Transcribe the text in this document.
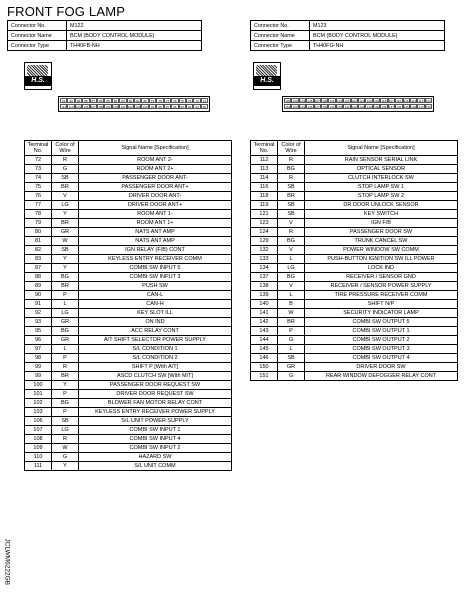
FRONT FOG LAMP
Connector No.	M122
Connector Name	BCM (BODY CONTROL MODULE)
Connector Type	TH40FB-NH
Connector No.	M123
Connector Name	BCM (BODY CONTROL MODULE)
Connector Type	TH40FG-NH
H.S.	H.S.
91	90	89	88	87	86	85	84	83	82	81	80	79	78	77	76	75	74	73	72
111 110 109 108 107 106 105 104 103 102 101 100	99	98	97	96	95	94	93	92
131 130 129 128 127 126 125 124 123 122 121 120 119 118 117 116 115 114 113 112
151 150 149 148 147 146 145 144 143 142 141 140 139 138 137 136 135 134 133 132
Terminal No.	Color of Wire	Signal Name [Specification]
72	R	ROOM ANT 2-
73	G	ROOM ANT 2+
74	SB	PASSENGER DOOR ANT-
75	BR	PASSENGER DOOR ANT+
76	V	DRIVER DOOR ANT-
77	LG	DRIVER DOOR ANT+
78	Y	ROOM ANT 1-
79	BR	ROOM ANT 1+
80	GR	NATS ANT AMP
81	W	NATS ANT AMP
82	SB	IGN RELAY (F/B) CONT
83	Y	KEYLESS ENTRY RECEIVER COMM
87	Y	COMBI SW INPUT 5
88	BG	COMBI SW INPUT 3
89	BR	PUSH SW
90	P	CAN-L
91	L	CAN-H
92	LG	KEY SLOT ILL
93	GR	ON IND
95	BG	ACC RELAY CONT
96	GR	A/T SHIFT SELECTOR POWER SUPPLY
97	L	S/L CONDITION 1
98	P	S/L CONDITION 2
99	R	SHIFT P [With A/T]
99	BR	ASCD CLUTCH SW [With M/T]
100	Y	PASSENGER DOOR REQUEST SW
101	P	DRIVER DOOR REQUEST SW
102	BG	BLOWER FAN MOTOR RELAY CONT
103	P	KEYLESS ENTRY RECEIVER POWER SUPPLY
106	SB	S/L UNIT POWER SUPPLY
107	LG	COMBI SW INPUT 1
108	R	COMBI SW INPUT 4
109	W	COMBI SW INPUT 2
110	G	HAZARD SW
111	Y	S/L UNIT COMM
Terminal No.	Color of Wire	Signal Name [Specification]
112	R	RAIN SENSOR SERIAL LINK
113	BG	OPTICAL SENSOR
114	R	CLUTCH INTERLOCK SW
116	SB	STOP LAMP SW 1
118	BR	STOP LAMP SW 2
119	SB	DR DOOR UNLOCK SENSOR
121	SB	KEY SWITCH
123	V	IGN F/B
124	R	PASSENGER DOOR SW
129	BG	TRUNK CANCEL SW
132	V	POWER WINDOW SW COMM
133	L	PUSH-BUTTON IGNITION SW ILL POWER
134	LG	LOCK IND
137	BG	RECEIVER / SENSOR GND
138	V	RECEIVER / SENSOR POWER SUPPLY
139	L	TIRE PRESSURE RECEIVER COMM
140	B	SHIFT N/P
141	W	SECURITY INDICATOR LAMP
142	BR	COMBI SW OUTPUT 5
143	P	COMBI SW OUTPUT 1
144	G	COMBI SW OUTPUT 2
145	L	COMBI SW OUTPUT 3
146	SB	COMBI SW OUTPUT 4
150	GR	DRIVER DOOR SW
151	G	REAR WINDOW DEFOGGER RELAY CONT
JCLWM6222GB
